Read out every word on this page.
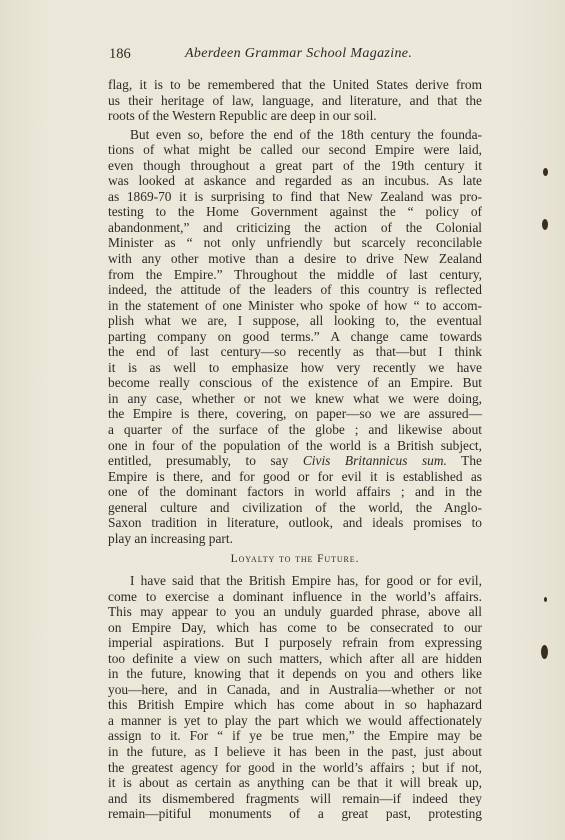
186	Aberdeen Grammar School Magazine.
flag, it is to be remembered that the United States derive from
us their heritage of law, language, and literature, and that the
roots of the Western Republic are deep in our soil.
But even so, before the end of the 18th century the founda-
tions of what might be called our second Empire were laid,
even though throughout a great part of the 19th century it
was looked at askance and regarded as an incubus. As late
as 1869-70 it is surprising to find that New Zealand was pro-
testing to the Home Government against the “ policy of
abandonment,” and criticizing the action of the Colonial
Minister as “ not only unfriendly but scarcely reconcilable
with any other motive than a desire to drive New Zealand
from the Empire.” Throughout the middle of last century,
indeed, the attitude of the leaders of this country is reflected
in the statement of one Minister who spoke of how “ to accom-
plish what we are, I suppose, all looking to, the eventual
parting company on good terms.” A change came towards
the end of last century—so recently as that—but I think
it is as well to emphasize how very recently we have
become really conscious of the existence of an Empire. But
in any case, whether or not we knew what we were doing,
the Empire is there, covering, on paper—so we are assured—
a quarter of the surface of the globe ; and likewise about
one in four of the population of the world is a British subject,
entitled, presumably, to say Civis Britannicus sum. The
Empire is there, and for good or for evil it is established as
one of the dominant factors in world affairs ; and in the
general culture and civilization of the world, the Anglo-
Saxon tradition in literature, outlook, and ideals promises to
play an increasing part.
Loyalty to the Future.
I have said that the British Empire has, for good or for evil,
come to exercise a dominant influence in the world’s affairs.
This may appear to you an unduly guarded phrase, above all
on Empire Day, which has come to be consecrated to our
imperial aspirations. But I purposely refrain from expressing
too definite a view on such matters, which after all are hidden
in the future, knowing that it depends on you and others like
you—here, and in Canada, and in Australia—whether or not
this British Empire which has come about in so haphazard
a manner is yet to play the part which we would affectionately
assign to it. For “ if ye be true men,” the Empire may be
in the future, as I believe it has been in the past, just about
the greatest agency for good in the world’s affairs ; but if not,
it is about as certain as anything can be that it will break up,
and its dismembered fragments will remain—if indeed they
remain—pitiful monuments of a great past, protesting
